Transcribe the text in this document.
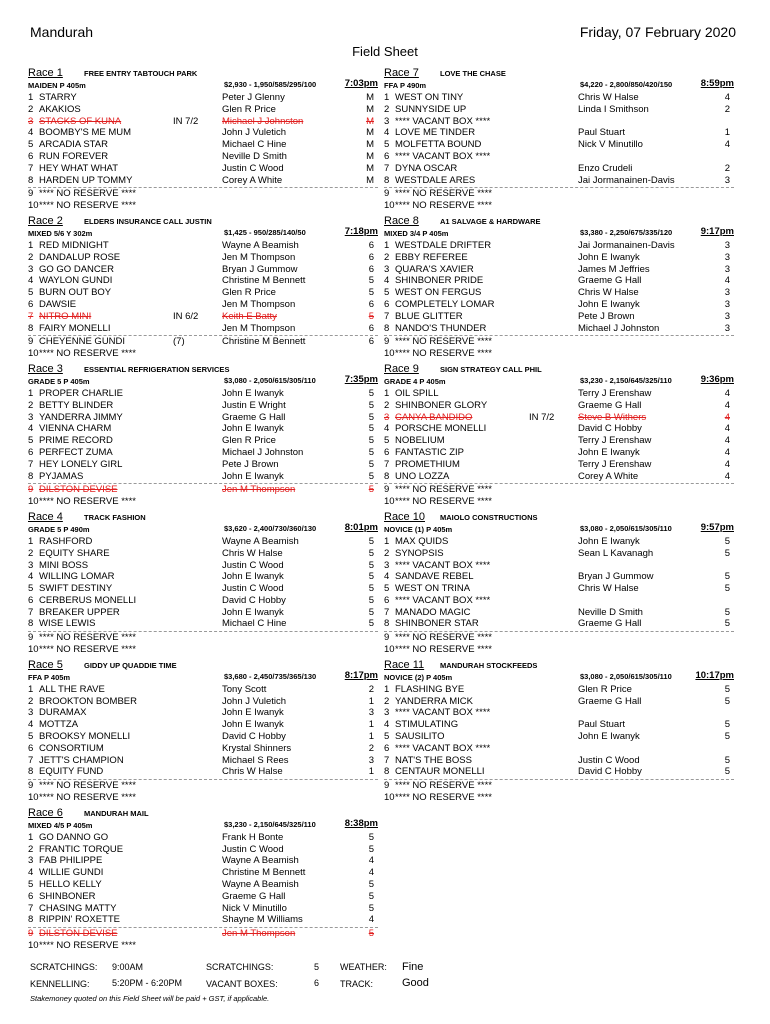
Mandurah	Friday, 07 February 2020
Field Sheet
Race 1	FREE ENTRY TABTOUCH PARK
MAIDEN P 405m	$2,930 - 1,950/585/295/100	7:03pm
1 STARRY	Peter J Glenny	M
2 AKAKIOS	Glen R Price	M
3 STACKS OF KUNA	IN 7/2 Michael J Johnston	M
4 BOOMBY'S ME MUM	John J Vuletich	M
5 ARCADIA STAR	Michael C Hine	M
6 RUN FOREVER	Neville D Smith	M
7 HEY WHAT WHAT	Justin C Wood	M
8 HARDEN UP TOMMY	Corey A White	M
9 **** NO RESERVE ****
10 **** NO RESERVE ****
Race 2	ELDERS INSURANCE CALL JUSTIN
MIXED 5/6 Y 302m	$1,425 - 950/285/140/50	7:18pm
1 RED MIDNIGHT	Wayne A Beamish	6
2 DANDALUP ROSE	Jen M Thompson	6
3 GO GO DANCER	Bryan J Gummow	6
4 WAYLON GUNDI	Christine M Bennett	5
5 BURN OUT BOY	Glen R Price	5
6 DAWSIE	Jen M Thompson	6
7 NITRO MINI	IN 6/2 Keith E Batty	5
8 FAIRY MONELLI	Jen M Thompson	6
9 CHEYENNE GUNDI	(7)	Christine M Bennett	6
10 **** NO RESERVE ****
Race 3	ESSENTIAL REFRIGERATION SERVICES
GRADE 5 P 405m	$3,080 - 2,050/615/305/110	7:35pm
1 PROPER CHARLIE	John E Iwanyk	5
2 BETTY BLINDER	Justin E Wright	5
3 YANDERRA JIMMY	Graeme G Hall	5
4 VIENNA CHARM	John E Iwanyk	5
5 PRIME RECORD	Glen R Price	5
6 PERFECT ZUMA	Michael J Johnston	5
7 HEY LONELY GIRL	Pete J Brown	5
8 PYJAMAS	John E Iwanyk	5
9 DILSTON DEVISE	Jen M Thompson	5
10 **** NO RESERVE ****
Race 4	TRACK FASHION
GRADE 5 P 490m	$3,620 - 2,400/730/360/130	8:01pm
1 RASHFORD	Wayne A Beamish	5
2 EQUITY SHARE	Chris W Halse	5
3 MINI BOSS	Justin C Wood	5
4 WILLING LOMAR	John E Iwanyk	5
5 SWIFT DESTINY	Justin C Wood	5
6 CERBERUS MONELLI	David C Hobby	5
7 BREAKER UPPER	John E Iwanyk	5
8 WISE LEWIS	Michael C Hine	5
9 **** NO RESERVE ****
10 **** NO RESERVE ****
Race 5	GIDDY UP QUADDIE TIME
FFA P 405m	$3,680 - 2,450/735/365/130	8:17pm
1 ALL THE RAVE	Tony Scott	2
2 BROOKTON BOMBER	John J Vuletich	1
3 DURAMAX	John E Iwanyk	3
4 MOTTZA	John E Iwanyk	1
5 BROOKSY MONELLI	David C Hobby	1
6 CONSORTIUM	Krystal Shinners	2
7 JETT'S CHAMPION	Michael S Rees	3
8 EQUITY FUND	Chris W Halse	1
9 **** NO RESERVE ****
10 **** NO RESERVE ****
Race 6	MANDURAH MAIL
MIXED 4/5 P 405m	$3,230 - 2,150/645/325/110	8:38pm
1 GO DANNO GO	Frank H Bonte	5
2 FRANTIC TORQUE	Justin C Wood	5
3 FAB PHILIPPE	Wayne A Beamish	4
4 WILLIE GUNDI	Christine M Bennett	4
5 HELLO KELLY	Wayne A Beamish	5
6 SHINBONER	Graeme G Hall	5
7 CHASING MATTY	Nick V Minutillo	5
8 RIPPIN' ROXETTE	Shayne M Williams	4
9 DILSTON DEVISE	Jen M Thompson	5
10 **** NO RESERVE ****
Race 7	LOVE THE CHASE
FFA P 490m	$4,220 - 2,800/850/420/150	8:59pm
1 WEST ON TINY	Chris W Halse	4
2 SUNNYSIDE UP	Linda I Smithson	2
3 **** VACANT BOX ****
4 LOVE ME TINDER	Paul Stuart	1
5 MOLFETTA BOUND	Nick V Minutillo	4
6 **** VACANT BOX ****
7 DYNA OSCAR	Enzo Crudeli	2
8 WESTDALE ARES	Jai Jormanainen-Davis	3
9 **** NO RESERVE ****
10 **** NO RESERVE ****
Race 8	A1 SALVAGE & HARDWARE
MIXED 3/4 P 405m	$3,380 - 2,250/675/335/120	9:17pm
1 WESTDALE DRIFTER	Jai Jormanainen-Davis	3
2 EBBY REFEREE	John E Iwanyk	3
3 QUARA'S XAVIER	James M Jeffries	3
4 SHINBONER PRIDE	Graeme G Hall	4
5 WEST ON FERGUS	Chris W Halse	3
6 COMPLETELY LOMAR	John E Iwanyk	3
7 BLUE GLITTER	Pete J Brown	3
8 NANDO'S THUNDER	Michael J Johnston	3
9 **** NO RESERVE ****
10 **** NO RESERVE ****
Race 9	SIGN STRATEGY CALL PHIL
GRADE 4 P 405m	$3,230 - 2,150/645/325/110	9:36pm
1 OIL SPILL	Terry J Erenshaw	4
2 SHINBONER GLORY	Graeme G Hall	4
3 CANYA BANDIDO	IN 7/2 Steve B Withers	4
4 PORSCHE MONELLI	David C Hobby	4
5 NOBELIUM	Terry J Erenshaw	4
6 FANTASTIC ZIP	John E Iwanyk	4
7 PROMETHIUM	Terry J Erenshaw	4
8 UNO LOZZA	Corey A White	4
9 **** NO RESERVE ****
10 **** NO RESERVE ****
Race 10 MAIOLO CONSTRUCTIONS
NOVICE (1) P 405m	$3,080 - 2,050/615/305/110	9:57pm
1 MAX QUIDS	John E Iwanyk	5
2 SYNOPSIS	Sean L Kavanagh	5
3 **** VACANT BOX ****
4 SANDAVE REBEL	Bryan J Gummow	5
5 WEST ON TRINA	Chris W Halse	5
6 **** VACANT BOX ****
7 MANADO MAGIC	Neville D Smith	5
8 SHINBONER STAR	Graeme G Hall	5
9 **** NO RESERVE ****
10 **** NO RESERVE ****
Race 11 MANDURAH STOCKFEEDS
NOVICE (2) P 405m	$3,080 - 2,050/615/305/110 10:17pm
1 FLASHING BYE	Glen R Price	5
2 YANDERRA MICK	Graeme G Hall	5
3 **** VACANT BOX ****
4 STIMULATING	Paul Stuart	5
5 SAUSILITO	John E Iwanyk	5
6 **** VACANT BOX ****
7 NAT'S THE BOSS	Justin C Wood	5
8 CENTAUR MONELLI	David C Hobby	5
9 **** NO RESERVE ****
10 **** NO RESERVE ****
SCRATCHINGS: 9:00AM
KENNELLING: 5:20PM - 6:20PM
SCRATCHINGS:	5
VACANT BOXES:	6
WEATHER: Fine
TRACK:	Good
Stakemoney quoted on this Field Sheet will be paid + GST, if applicable.
